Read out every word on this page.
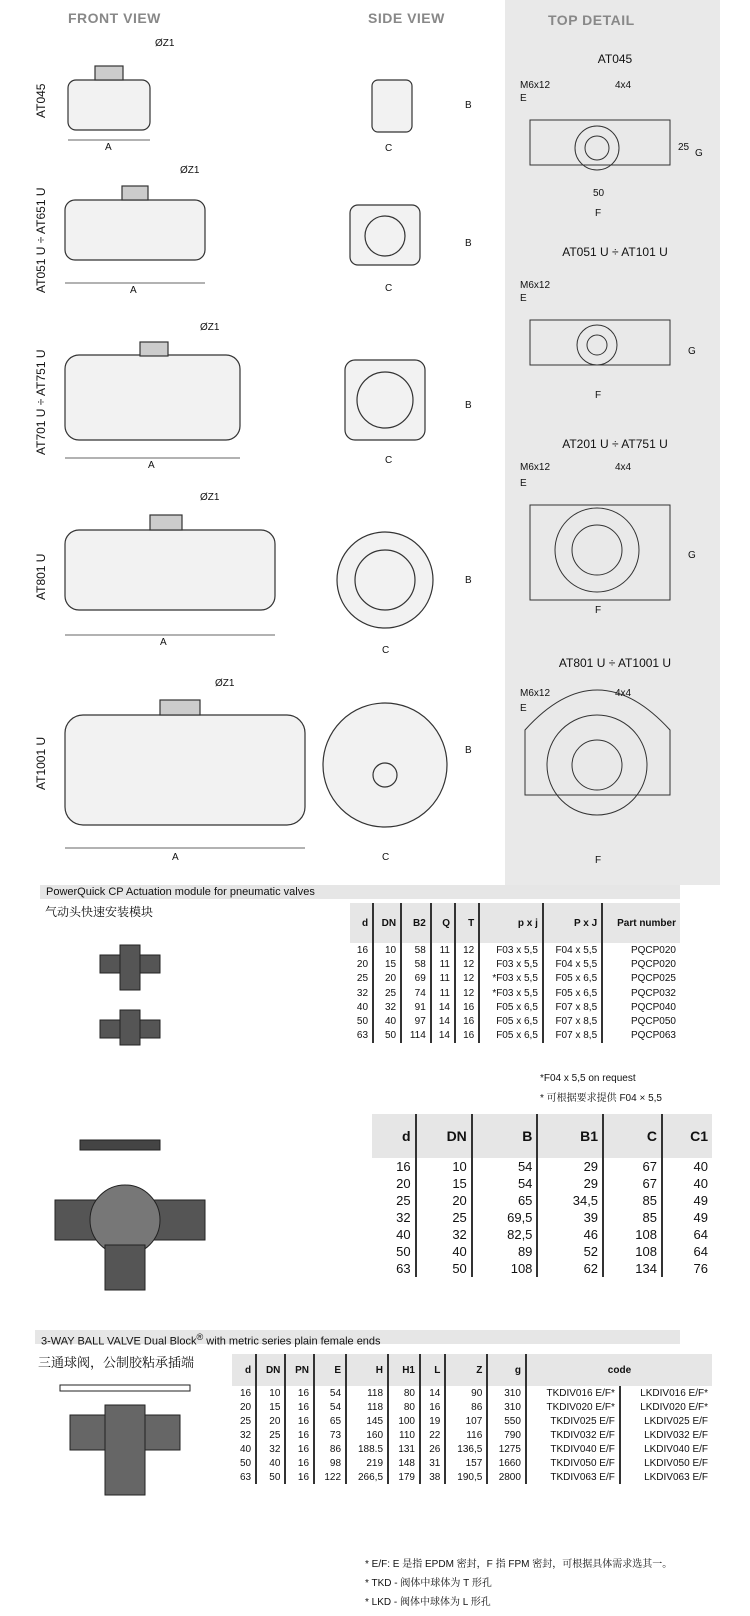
FRONT VIEW	SIDE VIEW	TOP DETAIL
AT045
AT051 U ÷ AT651 U
AT701 U ÷ AT751 U
AT801 U
AT1001 U
A
A
A
A
A
ØZ1
ØZ1
ØZ1
ØZ1
ØZ1
C
C
C
C
C
B
B
B
B
B
AT045
AT051 U ÷ AT101 U
AT201 U ÷ AT751 U
AT801 U ÷ AT1001 U
M6x12	4x4
E
25
G
50
F
M6x12
E
G
F
M6x12	4x4
E
G
F
M6x12	4x4
E
F
PowerQuick CP Actuation module for pneumatic valves
气动头快速安装模块
d	DN	B2	Q	T	p x j	P x J	Part number
16	10	58	11	12	F03 x 5,5	F04 x 5,5	PQCP020
20	15	58	11	12	F03 x 5,5	F04 x 5,5	PQCP020
25	20	69	11	12	*F03 x 5,5	F05 x 6,5	PQCP025
32	25	74	11	12	*F03 x 5,5	F05 x 6,5	PQCP032
40	32	91	14	16	F05 x 6,5	F07 x 8,5	PQCP040
50	40	97	14	16	F05 x 6,5	F07 x 8,5	PQCP050
63	50	114	14	16	F05 x 6,5	F07 x 8,5	PQCP063
*F04 x 5,5 on request
* 可根据要求提供 F04 × 5,5
d	DN	B	B1	C	C1
16	10	54	29	67	40
20	15	54	29	67	40
25	20	65	34,5	85	49
32	25	69,5	39	85	49
40	32	82,5	46	108	64
50	40	89	52	108	64
63	50	108	62	134	76
3-WAY BALL VALVE Dual Block® with metric series plain female ends
三通球阀，公制胶粘承插端	d	DN	PN	E	H	H1	L	Z	g	code	
16	10	16	54	118	80	14	90	310	TKDIV016 E/F*	LKDIV016 E/F*
20	15	16	54	118	80	16	86	310	TKDIV020 E/F*	LKDIV020 E/F*
25	20	16	65	145	100	19	107	550	TKDIV025 E/F	LKDIV025 E/F
32	25	16	73	160	110	22	116	790	TKDIV032 E/F	LKDIV032 E/F
40	32	16	86	188.5	131	26	136,5	1275	TKDIV040 E/F	LKDIV040 E/F
50	40	16	98	219	148	31	157	1660	TKDIV050 E/F	LKDIV050 E/F
63	50	16	122	266,5	179	38	190,5	2800	TKDIV063 E/F	LKDIV063 E/F
* E/F: E 是指 EPDM 密封，F 指 FPM 密封，可根据具体需求选其一。
* TKD - 阀体中球体为 T 形孔
* LKD - 阀体中球体为 L 形孔
